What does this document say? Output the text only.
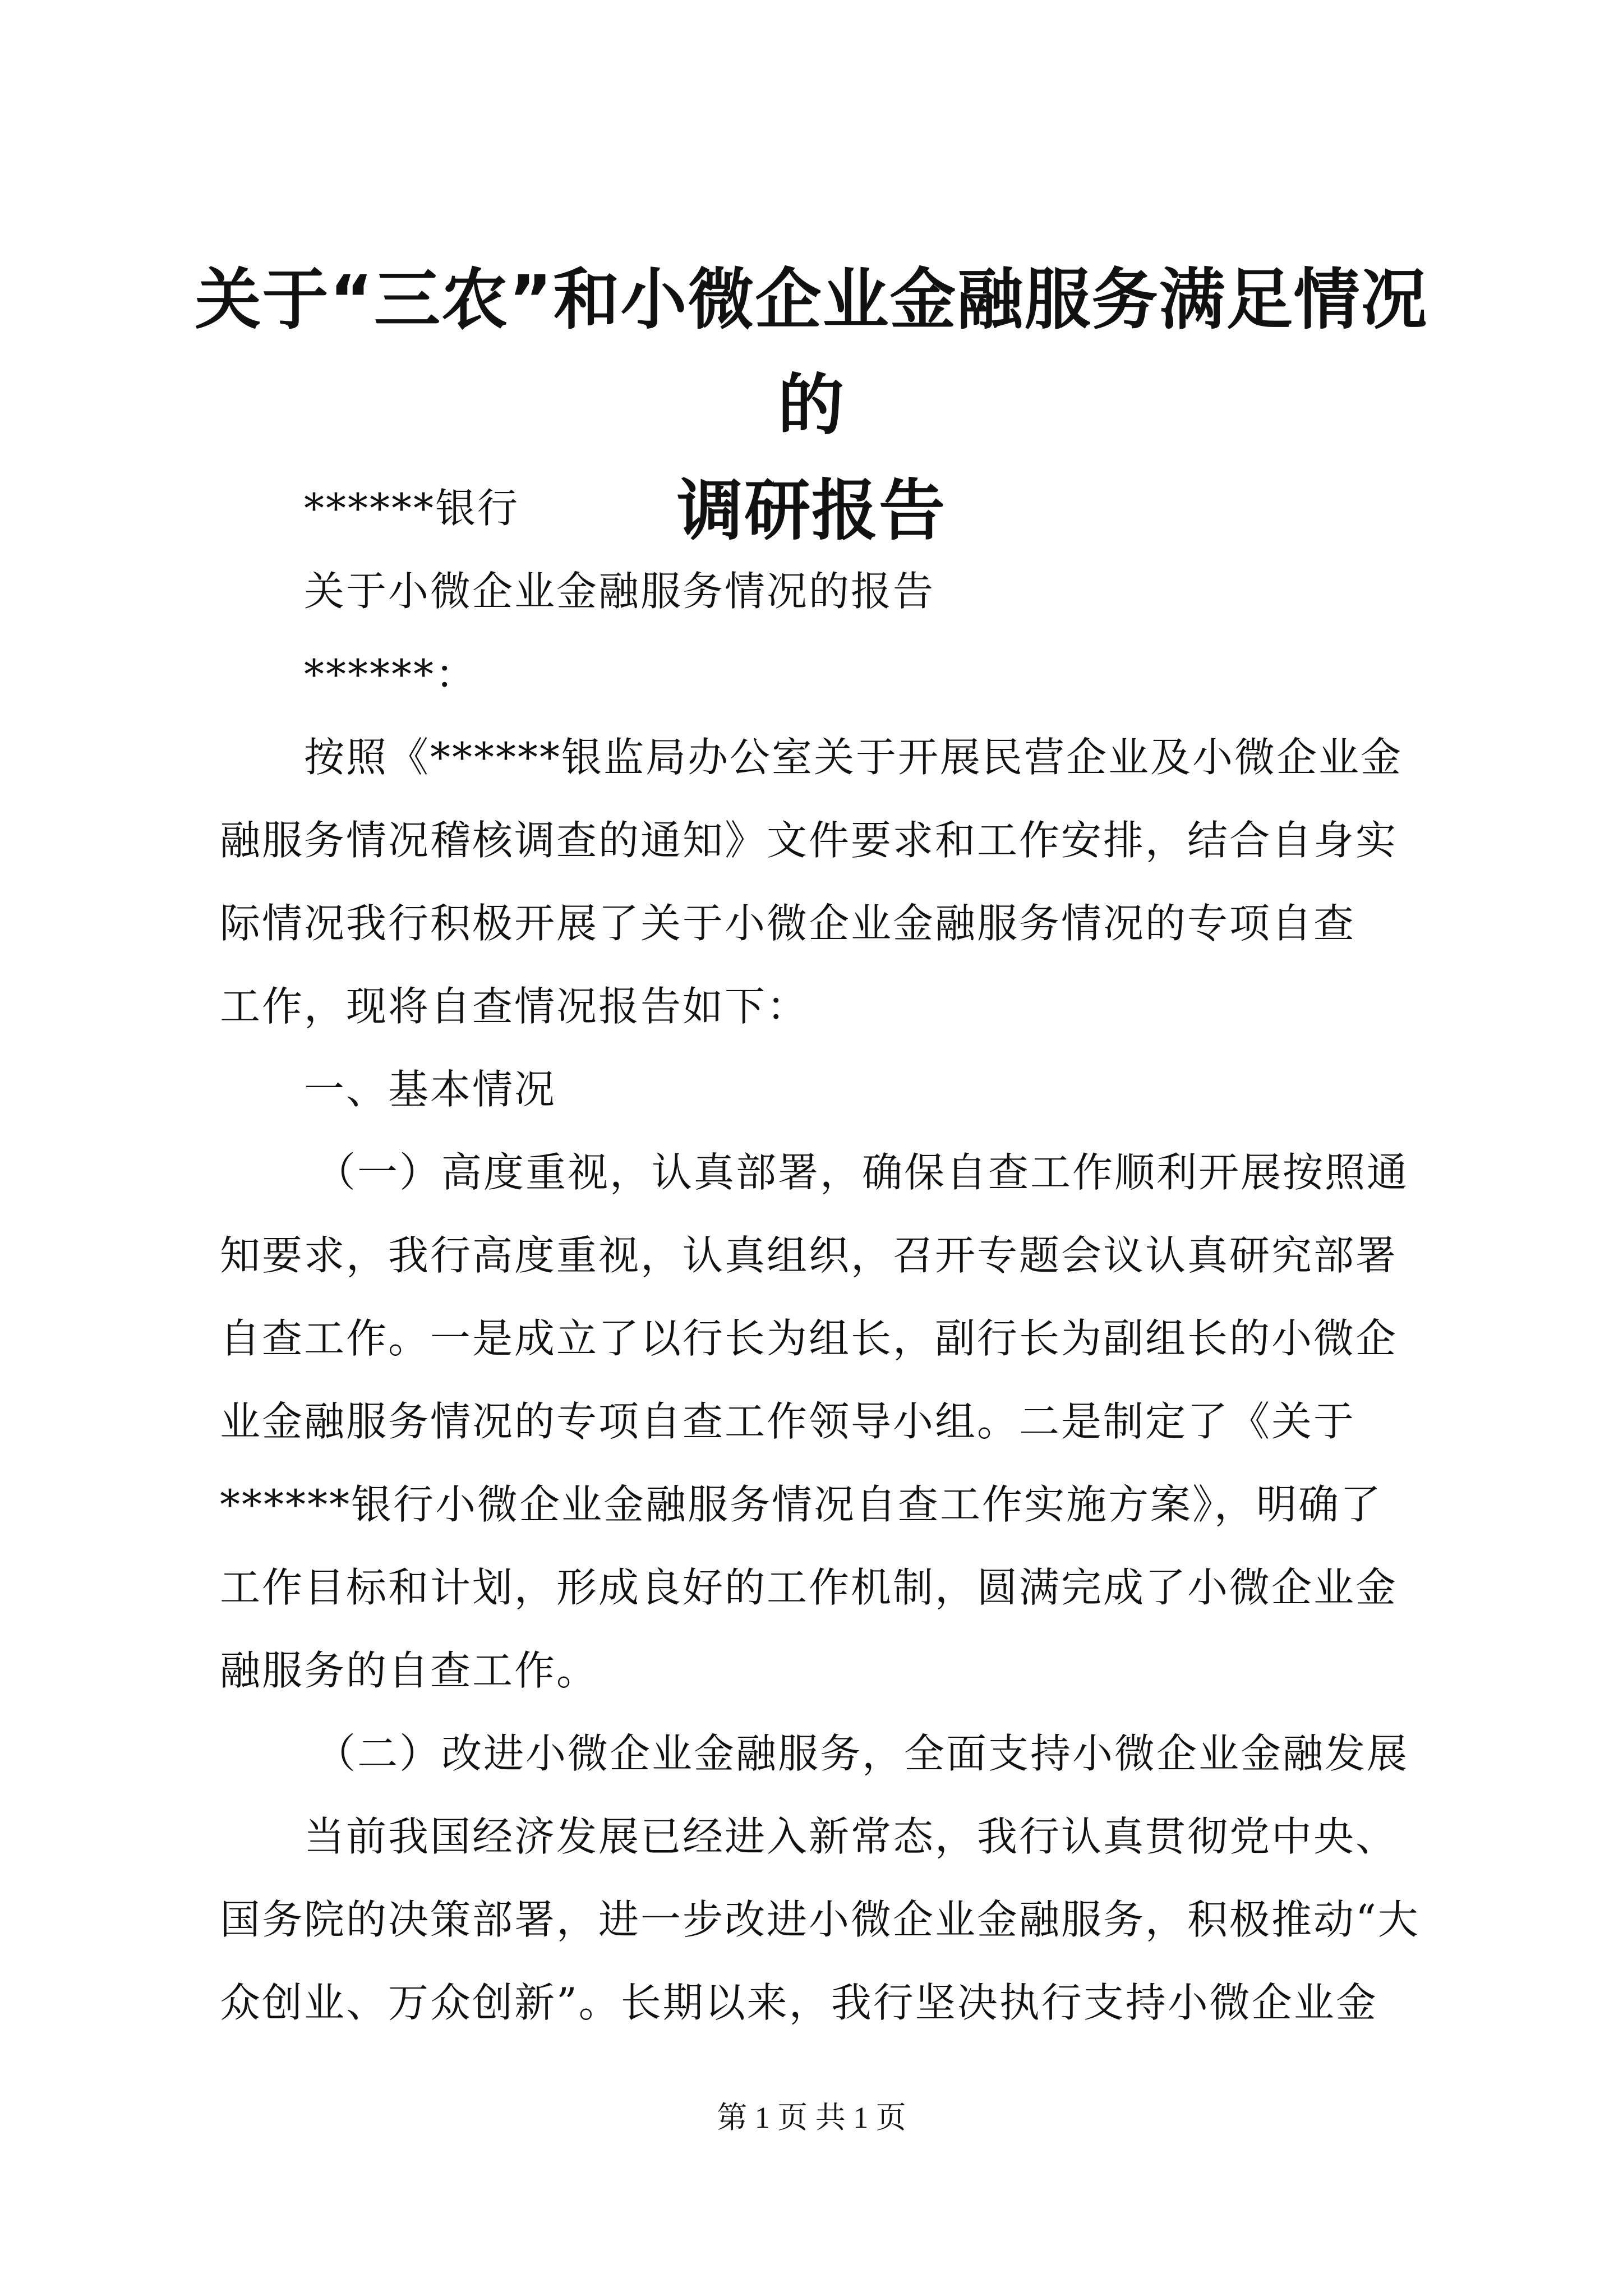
关于“三农”和小微企业金融服务满足情况的
调研报告

******银行

关于小微企业金融服务情况的报告

******：

按照《******银监局办公室关于开展民营企业及小微企业金

融服务情况稽核调查的通知》文件要求和工作安排，结合自身实

际情况我行积极开展了关于小微企业金融服务情况的专项自查

工作，现将自查情况报告如下：

一、基本情况

（一）高度重视，认真部署，确保自查工作顺利开展按照通

知要求，我行高度重视，认真组织，召开专题会议认真研究部署

自查工作。一是成立了以行长为组长，副行长为副组长的小微企

业金融服务情况的专项自查工作领导小组。二是制定了《关于

******银行小微企业金融服务情况自查工作实施方案》，明确了

工作目标和计划，形成良好的工作机制，圆满完成了小微企业金

融服务的自查工作。

（二）改进小微企业金融服务，全面支持小微企业金融发展

当前我国经济发展已经进入新常态，我行认真贯彻党中央、

国务院的决策部署，进一步改进小微企业金融服务，积极推动“大

众创业、万众创新”。长期以来，我行坚决执行支持小微企业金

第 1 页 共 1 页
